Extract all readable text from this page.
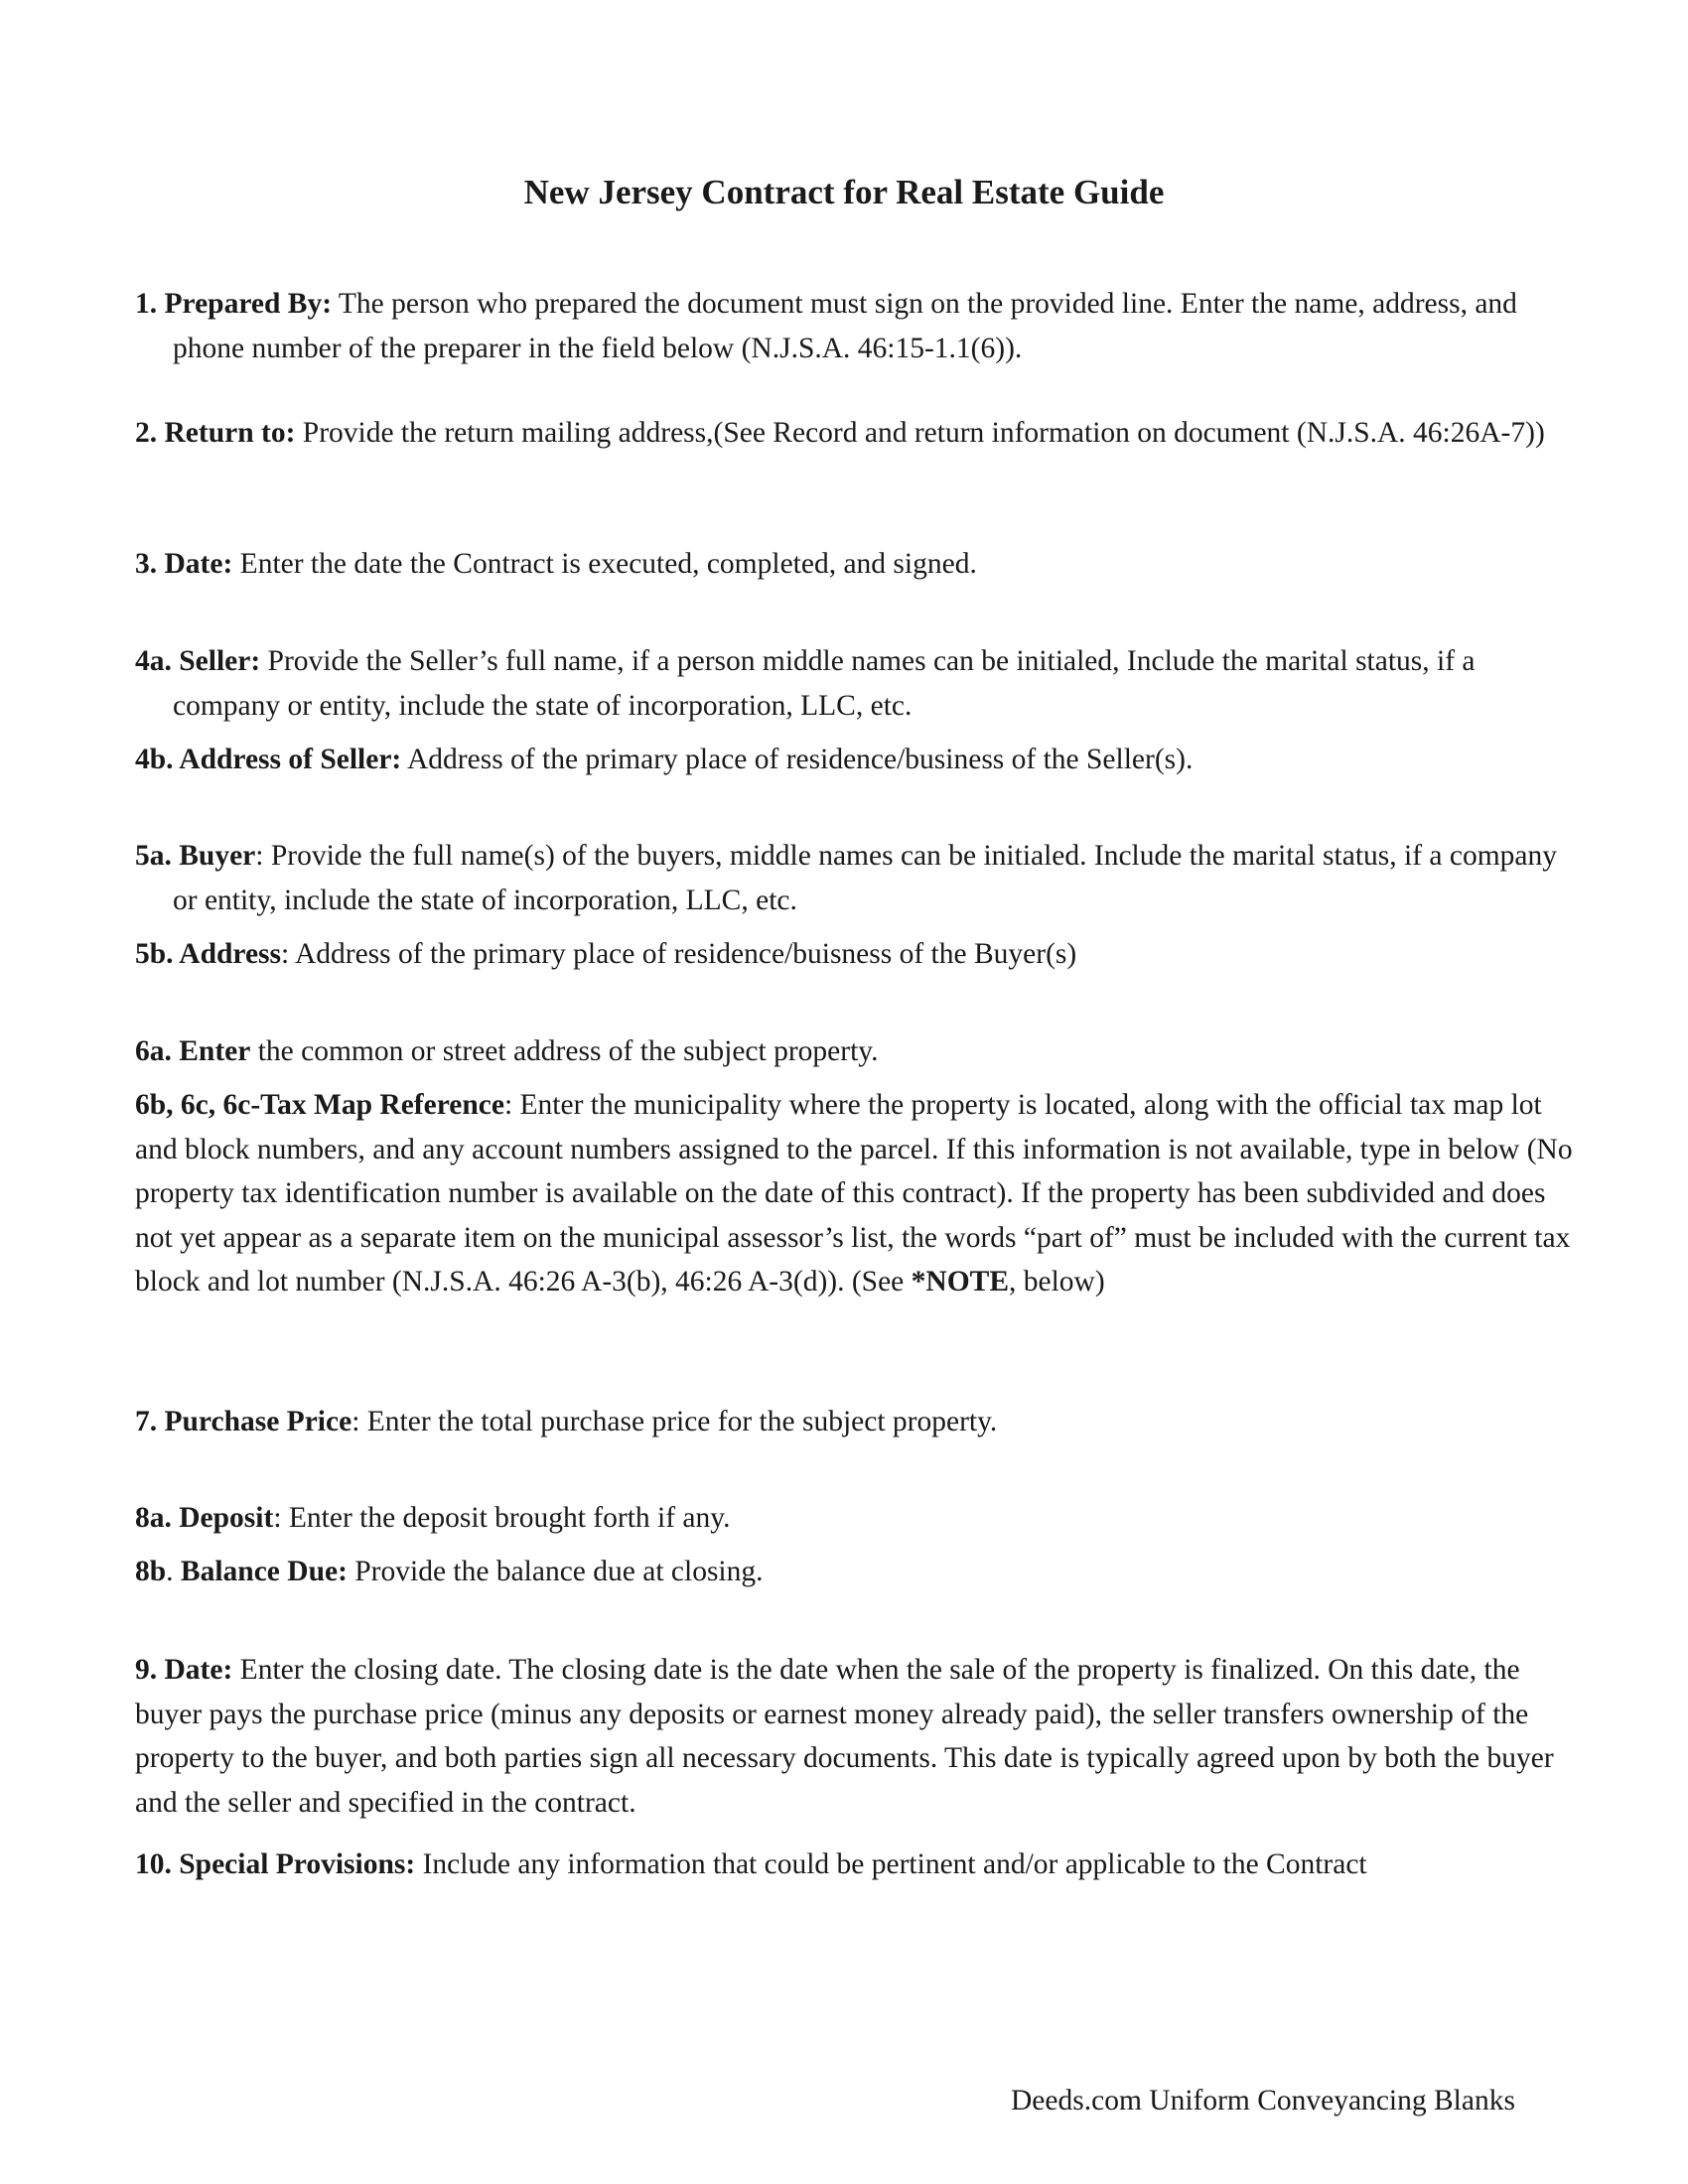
New Jersey Contract for Real Estate Guide

1. Prepared By: The person who prepared the document must sign on the provided line. Enter the name, address, and phone number of the preparer in the field below (N.J.S.A. 46:15-1.1(6)).

2. Return to: Provide the return mailing address,(See Record and return information on document (N.J.S.A. 46:26A-7))

3. Date: Enter the date the Contract is executed, completed, and signed.

4a. Seller: Provide the Seller’s full name, if a person middle names can be initialed, Include the marital status, if a company or entity, include the state of incorporation, LLC, etc.

4b. Address of Seller: Address of the primary place of residence/business of the Seller(s).

5a. Buyer: Provide the full name(s) of the buyers, middle names can be initialed. Include the marital status, if a company or entity, include the state of incorporation, LLC, etc.

5b. Address: Address of the primary place of residence/buisness of the Buyer(s)

6a. Enter the common or street address of the subject property.

6b, 6c, 6c-Tax Map Reference: Enter the municipality where the property is located, along with the official tax map lot and block numbers, and any account numbers assigned to the parcel. If this information is not available, type in below (No property tax identification number is available on the date of this contract). If the property has been subdivided and does not yet appear as a separate item on the municipal assessor’s list, the words “part of” must be included with the current tax block and lot number (N.J.S.A. 46:26 A-3(b), 46:26 A-3(d)). (See *NOTE, below)

7. Purchase Price: Enter the total purchase price for the subject property.

8a. Deposit: Enter the deposit brought forth if any.

8b. Balance Due: Provide the balance due at closing.

9. Date: Enter the closing date. The closing date is the date when the sale of the property is finalized. On this date, the buyer pays the purchase price (minus any deposits or earnest money already paid), the seller transfers ownership of the property to the buyer, and both parties sign all necessary documents. This date is typically agreed upon by both the buyer and the seller and specified in the contract.

10. Special Provisions: Include any information that could be pertinent and/or applicable to the Contract

Deeds.com Uniform Conveyancing Blanks
